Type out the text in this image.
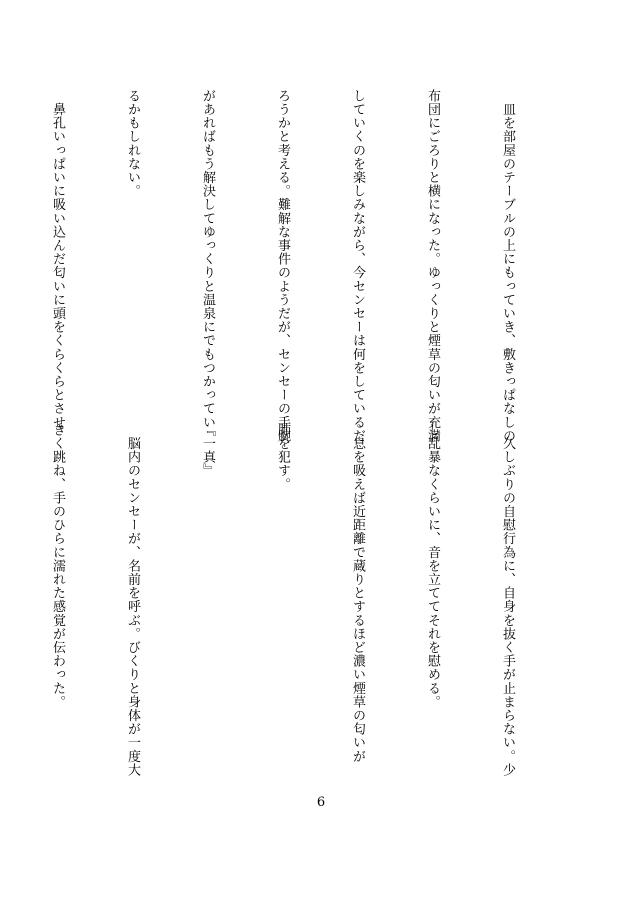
　皿を部屋のテーブルの上にもっていき、敷きっぱなしの

布団にごろりと横になった。ゆっくりと煙草の匂いが充満

していくのを楽しみながら、今センセーは何をしているだ

ろうかと考える。難解な事件のようだが、センセーの手腕

があればもう解決してゆっくりと温泉にでもつかってい

るかもしれない。

　鼻孔いっぱいに吸い込んだ匂いに頭をくらくらとさせ

　久しぶりの自慰行為に、自身を抜く手が止まらない。少

し乱暴なくらいに、音を立ててそれを慰める。

　息を吸えば近距離で蔵りとするほど濃い煙草の匂いが

肺を犯す。

『一真』

　脳内のセンセーが、名前を呼ぶ。びくりと身体が一度大

きく跳ね、手のひらに濡れた感覚が伝わった。

6
